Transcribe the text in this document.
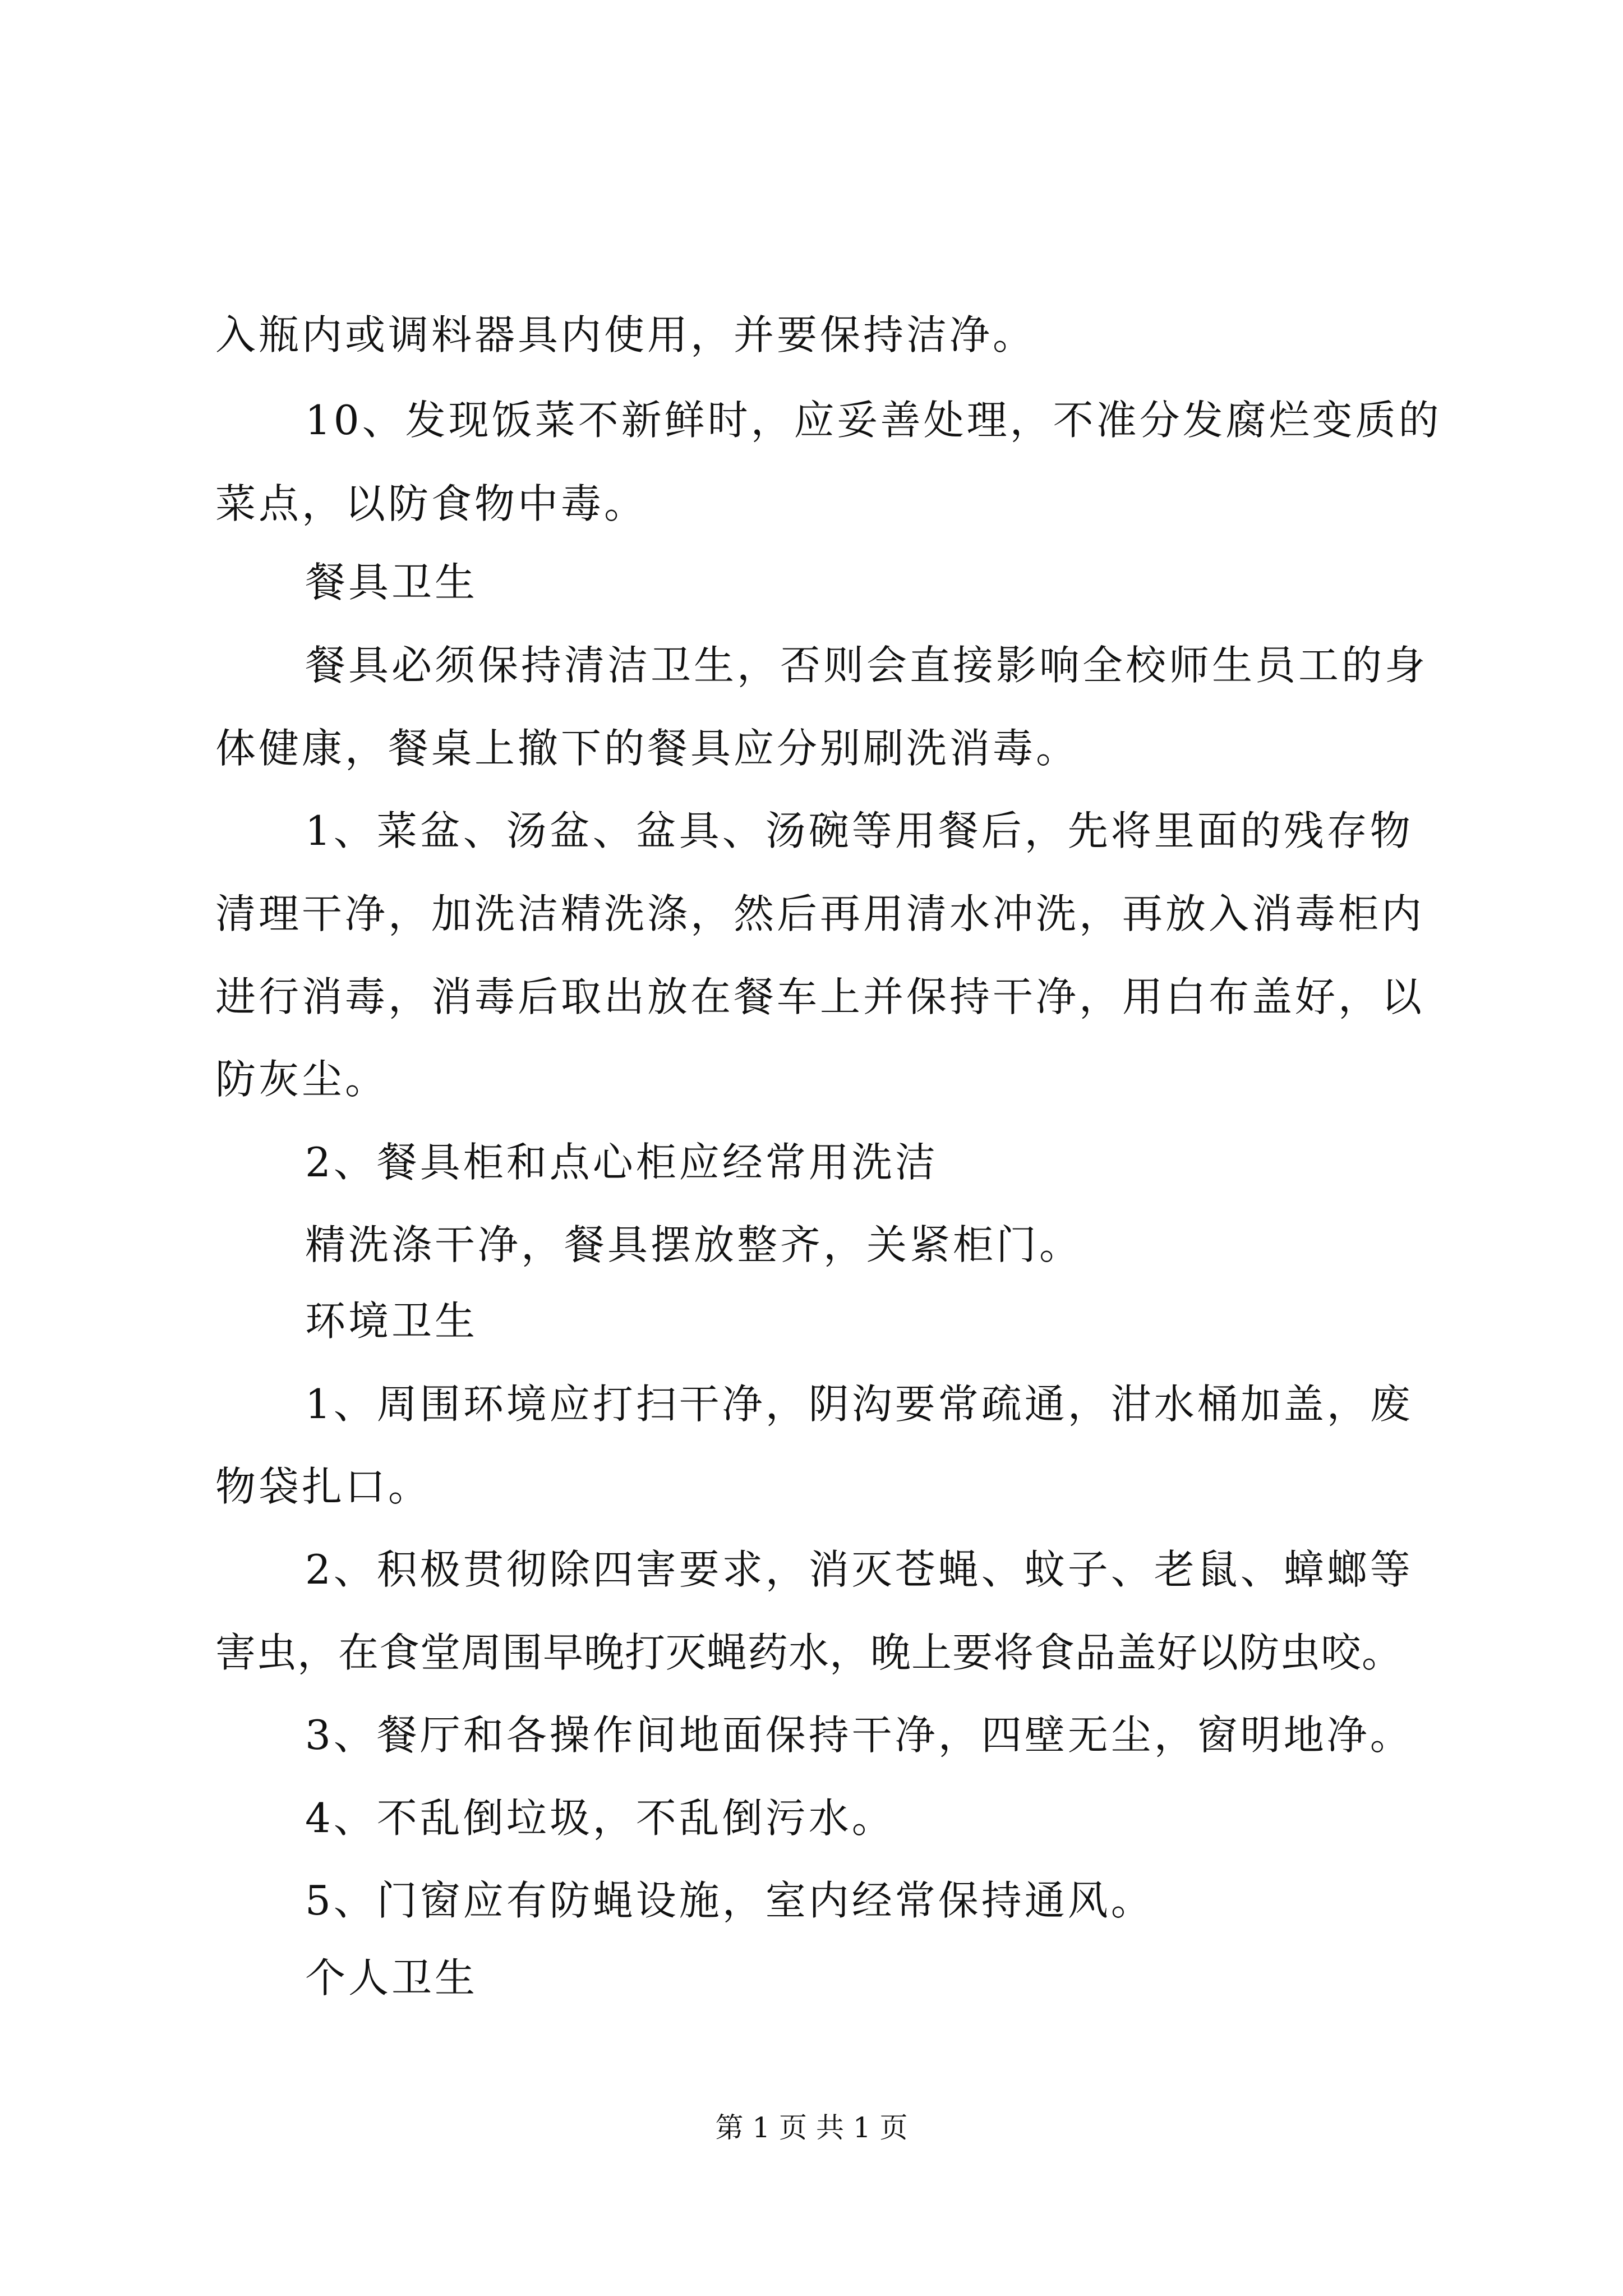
入瓶内或调料器具内使用，并要保持洁净。
10、发现饭菜不新鲜时，应妥善处理，不准分发腐烂变质的
菜点，以防食物中毒。
餐具卫生
餐具必须保持清洁卫生，否则会直接影响全校师生员工的身
体健康，餐桌上撤下的餐具应分别刷洗消毒。
1、菜盆、汤盆、盆具、汤碗等用餐后，先将里面的残存物
清理干净，加洗洁精洗涤，然后再用清水冲洗，再放入消毒柜内
进行消毒，消毒后取出放在餐车上并保持干净，用白布盖好，以
防灰尘。
2、餐具柜和点心柜应经常用洗洁
精洗涤干净，餐具摆放整齐，关紧柜门。
环境卫生
1、周围环境应打扫干净，阴沟要常疏通，泔水桶加盖，废
物袋扎口。
2、积极贯彻除四害要求，消灭苍蝇、蚊子、老鼠、蟑螂等
害虫，在食堂周围早晚打灭蝇药水，晚上要将食品盖好以防虫咬。
3、餐厅和各操作间地面保持干净，四壁无尘，窗明地净。
4、不乱倒垃圾，不乱倒污水。
5、门窗应有防蝇设施，室内经常保持通风。
个人卫生
第 1 页 共 1 页
